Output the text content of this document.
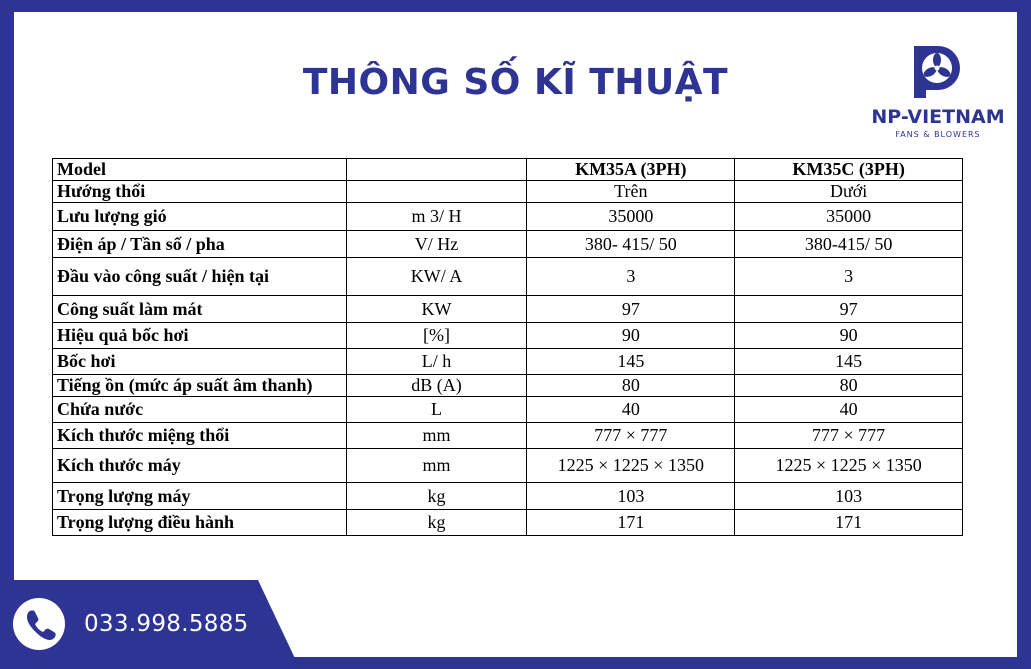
THÔNG SỐ KĨ THUẬT
NP-VIETNAM
FANS & BLOWERS
Model		KM35A (3PH)	KM35C (3PH)
Hướng thổi		Trên	Dưới
Lưu lượng gió	m 3/ H	35000	35000
Điện áp / Tần số / pha	V/ Hz	380- 415/ 50	380-415/ 50
Đầu vào công suất / hiện tại	KW/ A	3	3
Công suất làm mát	KW	97	97
Hiệu quả bốc hơi	[%]	90	90
Bốc hơi	L/ h	145	145
Tiếng ồn (mức áp suất âm thanh)	dB (A)	80	80
Chứa nước	L	40	40
Kích thước miệng thổi	mm	777 × 777	777 × 777
Kích thước máy	mm	1225 × 1225 × 1350	1225 × 1225 × 1350
Trọng lượng máy	kg	103	103
Trọng lượng điều hành	kg	171	171
033.998.5885
